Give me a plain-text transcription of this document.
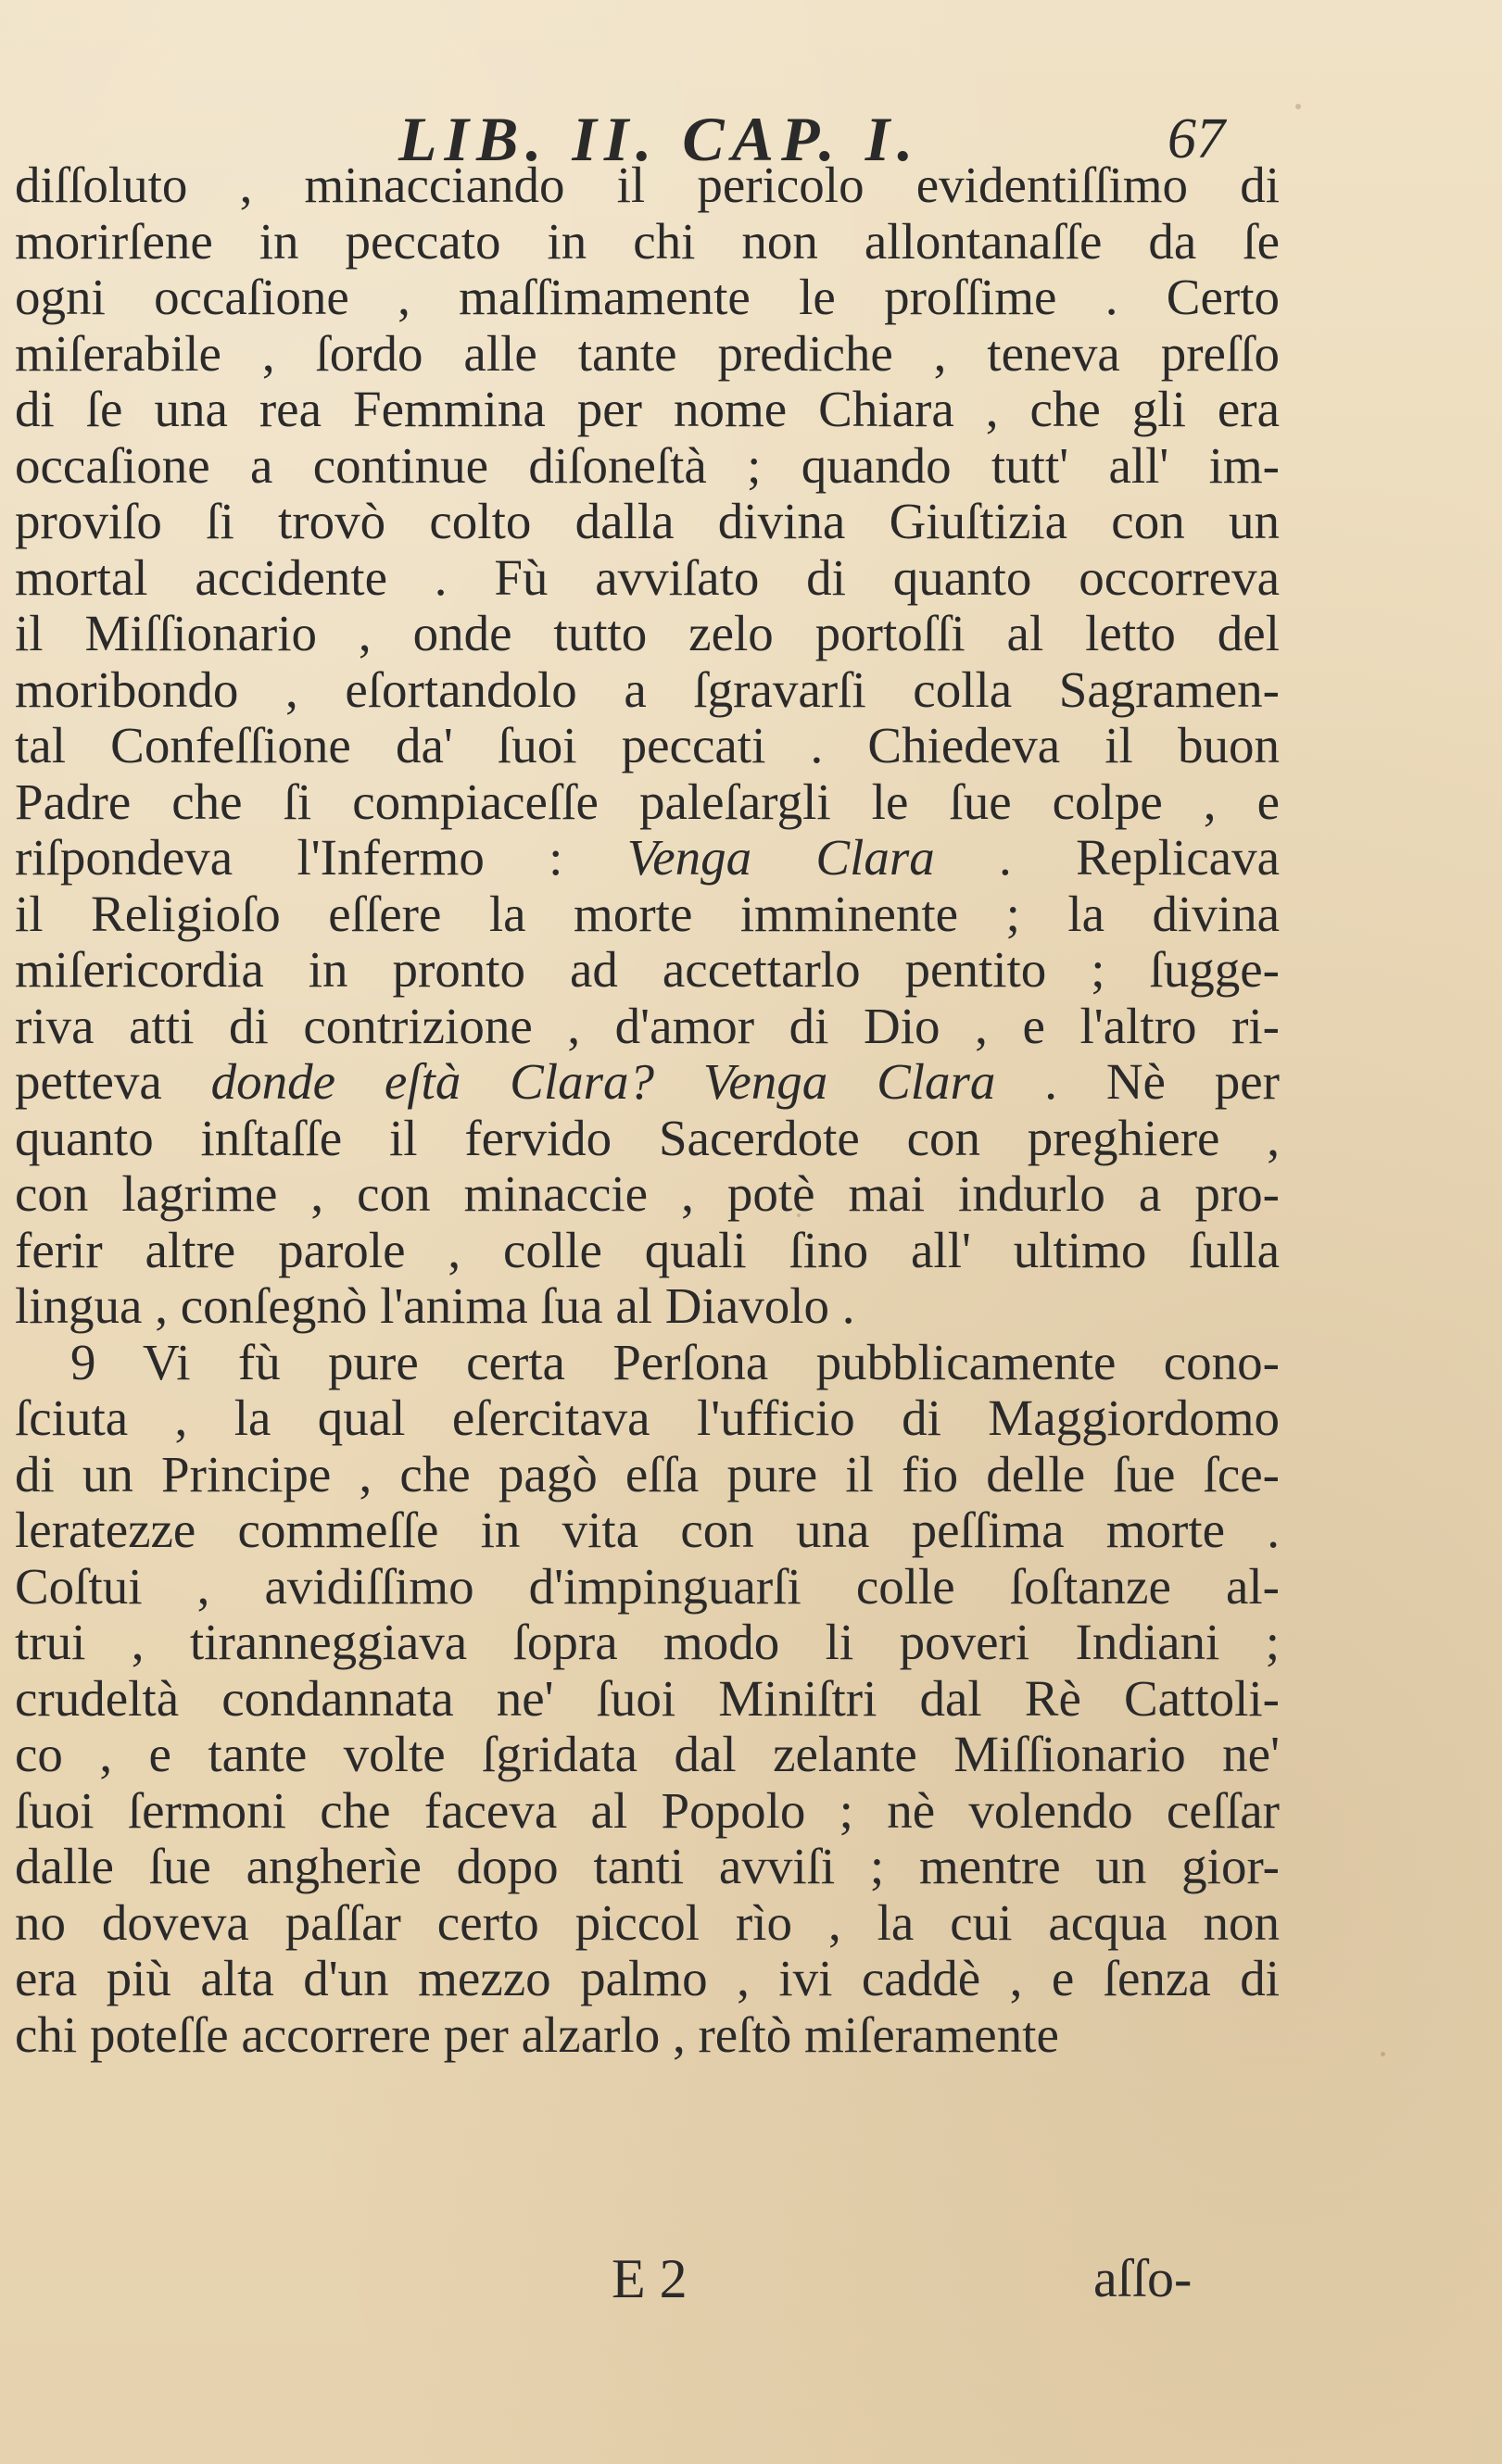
LIB. II. CAP. I.	67
diſſoluto , minacciando il pericolo evidentiſſimo di
morirſene in peccato in chi non allontanaſſe da ſe
ogni occaſione , maſſimamente le proſſime . Certo
miſerabile , ſordo alle tante prediche , teneva preſſo
di ſe una rea Femmina per nome Chiara , che gli era
occaſione a continue diſoneſtà ; quando tutt' all' im-
proviſo ſi trovò colto dalla divina Giuſtizia con un
mortal accidente . Fù avviſato di quanto occorreva
il Miſſionario , onde tutto zelo portoſſi al letto del
moribondo , eſortandolo a ſgravarſi colla Sagramen-
tal Confeſſione da' ſuoi peccati . Chiedeva il buon
Padre che ſi compiaceſſe paleſargli le ſue colpe , e
riſpondeva l'Infermo : Venga Clara . Replicava
il Religioſo eſſere la morte imminente ; la divina
miſericordia in pronto ad accettarlo pentito ; ſugge-
riva atti di contrizione , d'amor di Dio , e l'altro ri-
petteva donde eſtà Clara? Venga Clara . Nè per
quanto inſtaſſe il fervido Sacerdote con preghiere ,
con lagrime , con minaccie , potè mai indurlo a pro-
ferir altre parole , colle quali ſino all' ultimo ſulla
lingua , conſegnò l'anima ſua al Diavolo .
9 Vi fù pure certa Perſona pubblicamente cono-
ſciuta , la qual eſercitava l'ufficio di Maggiordomo
di un Principe , che pagò eſſa pure il fio delle ſue ſce-
leratezze commeſſe in vita con una peſſima morte .
Coſtui , avidiſſimo d'impinguarſi colle ſoſtanze al-
trui , tiranneggiava ſopra modo li poveri Indiani ;
crudeltà condannata ne' ſuoi Miniſtri dal Rè Cattoli-
co , e tante volte ſgridata dal zelante Miſſionario ne'
ſuoi ſermoni che faceva al Popolo ; nè volendo ceſſar
dalle ſue angherìe dopo tanti avviſi ; mentre un gior-
no doveva paſſar certo piccol rìo , la cui acqua non
era più alta d'un mezzo palmo , ivi caddè , e ſenza di
chi poteſſe accorrere per alzarlo , reſtò miſeramente
E 2	aſſo-
